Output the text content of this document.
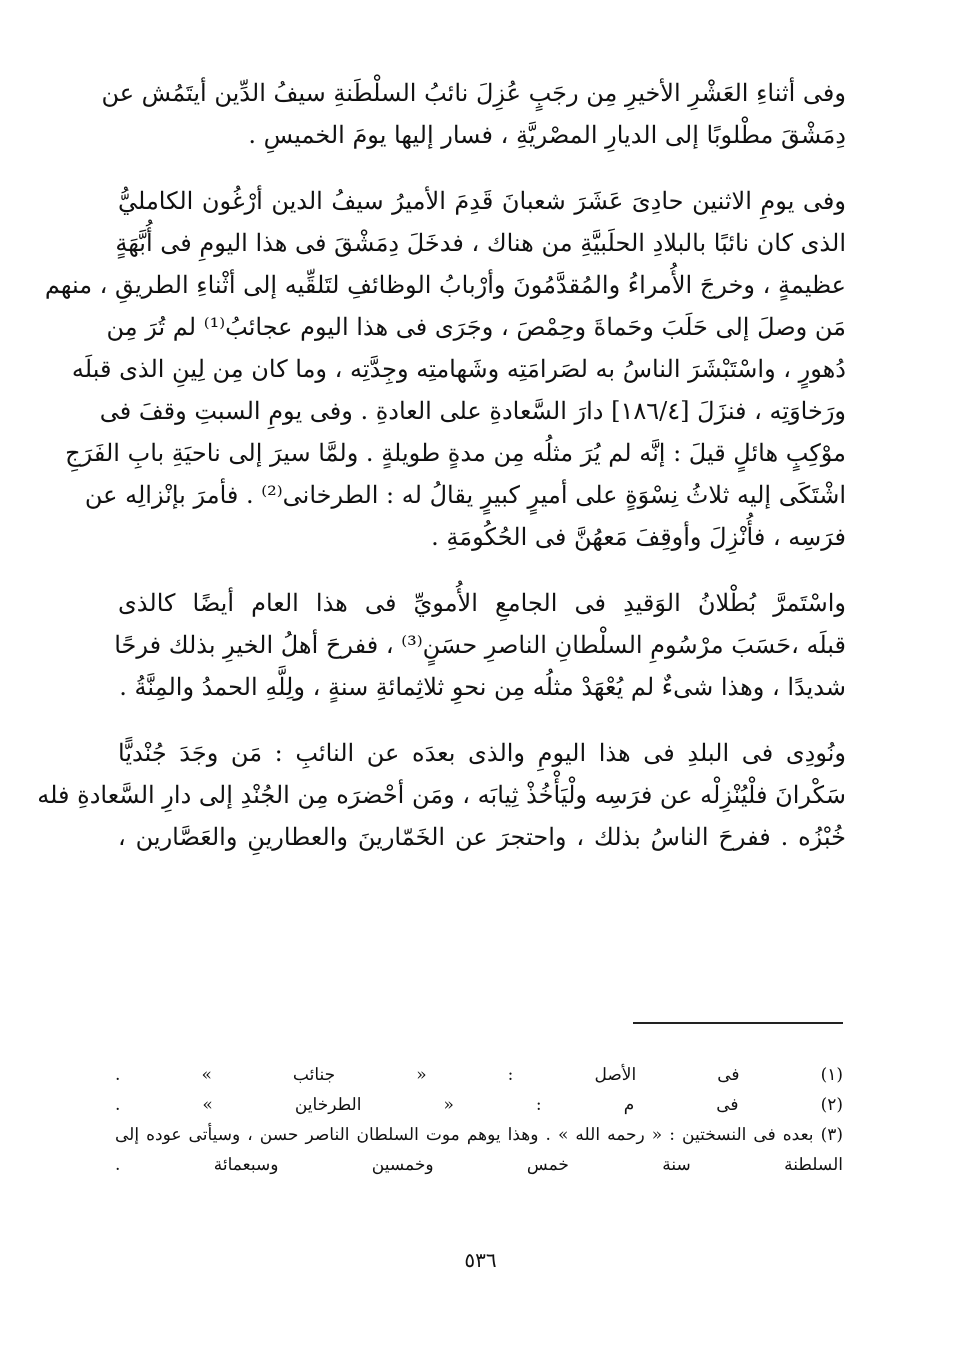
وفى أثناءِ العَشْرِ الأخيرِ مِن رجَبٍ عُزِلَ نائبُ السلْطَنةِ سيفُ الدِّين أيتَمُش عن
دِمَشْقَ مطْلوبًا إلى الديارِ المصْريَّةِ ، فسار إليها يومَ الخميسِ .

وفى يومِ الاثنين حادِىَ عَشَرَ شعبانَ قَدِمَ الأميرُ سيفُ الدين أرْغُون الكامليُّ
الذى كان نائبًا بالبلادِ الحلَبيَّةِ من هناك ، فدخَلَ دِمَشْقَ فى هذا اليومِ فى أُبَّهَةٍ
عظيمةٍ ، وخرجَ الأُمراءُ والمُقدَّمُونَ وأرْبابُ الوظائفِ لتَلقِّيه إلى أثْناءِ الطريقِ ، منهم
مَن وصلَ إلى حَلَبَ وحَماةَ وحِمْصَ ، وجَرَى فى هذا اليوم عجائبُ⁽¹⁾ لم تُرَ مِن
دُهورٍ ، واسْتَبْشَرَ الناسُ به لصَرامَتِه وشَهامتِه وجِدَّتِه ، وما كان مِن لِينِ الذى قبلَه
ورَخاوَتِه ، فنزَلَ [١٨٦/٤] دارَ السَّعادةِ على العادةِ . وفى يومِ السبتِ وقفَ فى
موْكِبٍ هائلٍ قيلَ : إنَّه لم يُرَ مثلُه مِن مدةٍ طويلةٍ . ولمَّا سيرَ إلى ناحيَةِ بابِ الفَرَجِ
اشْتَكَى إليه ثلاثُ نِسْوَةٍ على أميرٍ كبيرٍ يقالُ له : الطرخانى⁽²⁾ . فأمرَ بإنْزالِه عن
فرَسِه ، فأُنْزِلَ وأوقِفَ مَعهُنَّ فى الحُكُومَةِ .

واسْتَمرَّ بُطْلانُ الوَقيدِ فى الجامعِ الأُمويِّ فى هذا العام أيضًا كالذى
قبلَه ،حَسَبَ مرْسُومِ السلْطانِ الناصرِ حسَنٍ⁽³⁾ ، ففرحَ أهلُ الخيرِ بذلك فرحًا
شديدًا ، وهذا شىءٌ لم يُعْهَدْ مثلُه مِن نحوِ ثلاثِمائةِ سنةٍ ، ولِلَّهِ الحمدُ والمِنَّةُ .

ونُودِى فى البلدِ فى هذا اليومِ والذى بعدَه عن النائبِ : مَن وجَدَ جُنْديًّا
سَكْرانَ فلْيُنْزِلْه عن فرَسِه ولْيَأْخُذْ ثِيابَه ، ومَن أحْضرَه مِن الجُنْدِ إلى دارِ السَّعادةِ فله
خُبْزُه . ففرحَ الناسُ بذلك ، واحتجرَ عن الخَمّارينَ والعطارينِ والعَصَّارين ،

(١) فى الأصل : « جنائب » .

(٢) فى م : « الطرخاين » .

(٣) بعده فى النسختين : « رحمه الله » . وهذا يوهم موت السلطان الناصر حسن ، وسيأتى عوده إلى
السلطنة سنة خمس وخمسين وسبعمائة .

٥٣٦
